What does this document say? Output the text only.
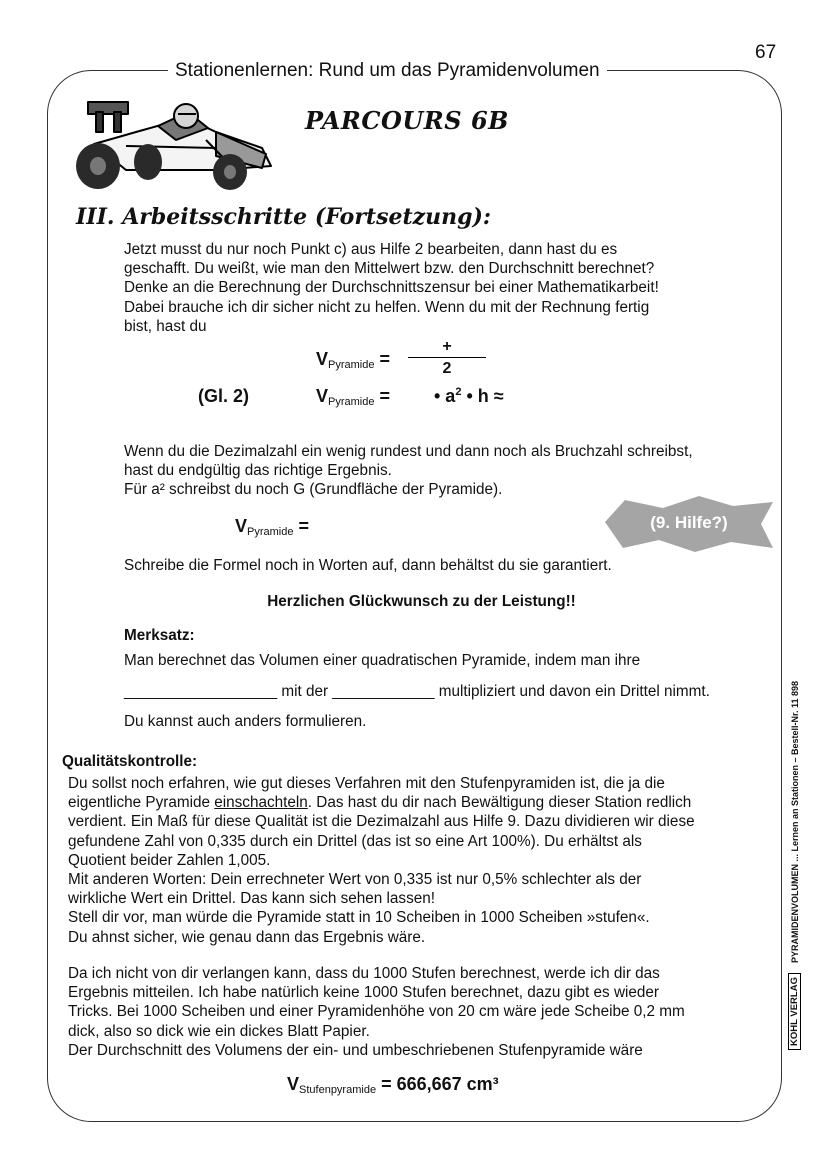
Stationenlernen: Rund um das Pyramidenvolumen
67
PARCOURS 6B
III. Arbeitsschritte (Fortsetzung):
Jetzt musst du nur noch Punkt c) aus Hilfe 2 bearbeiten, dann hast du es
geschafft. Du weißt, wie man den Mittelwert bzw. den Durchschnitt berechnet?
Denke an die Berechnung der Durchschnittszensur bei einer Mathematikarbeit!
Dabei brauche ich dir sicher nicht zu helfen. Wenn du mit der Rechnung fertig
bist, hast du
$V_{Pyramide}$ =
+
2
(Gl. 2)	$V_{Pyramide}$ = • $a^2$ • h ≈
Wenn du die Dezimalzahl ein wenig rundest und dann noch als Bruchzahl schreibst,
hast du endgültig das richtige Ergebnis.
Für a² schreibst du noch G (Grundfläche der Pyramide).
$V_{Pyramide}$ =	(9. Hilfe?)
Schreibe die Formel noch in Worten auf, dann behältst du sie garantiert.
Herzlichen Glückwunsch zu der Leistung!!
Merksatz:
Man berechnet das Volumen einer quadratischen Pyramide, indem man ihre
__________________ mit der ____________ multipliziert und davon ein Drittel nimmt.
Du kannst auch anders formulieren.
Qualitätskontrolle:
Du sollst noch erfahren, wie gut dieses Verfahren mit den Stufenpyramiden ist, die ja die
eigentliche Pyramide einschachteln. Das hast du dir nach Bewältigung dieser Station redlich
verdient. Ein Maß für diese Qualität ist die Dezimalzahl aus Hilfe 9. Dazu dividieren wir diese
gefundene Zahl von 0,335 durch ein Drittel (das ist so eine Art 100%). Du erhältst als
Quotient beider Zahlen 1,005.
Mit anderen Worten: Dein errechneter Wert von 0,335 ist nur 0,5% schlechter als der
wirkliche Wert ein Drittel. Das kann sich sehen lassen!
Stell dir vor, man würde die Pyramide statt in 10 Scheiben in 1000 Scheiben »stufen«.
Du ahnst sicher, wie genau dann das Ergebnis wäre.
Da ich nicht von dir verlangen kann, dass du 1000 Stufen berechnest, werde ich dir das
Ergebnis mitteilen. Ich habe natürlich keine 1000 Stufen berechnet, dazu gibt es wieder
Tricks. Bei 1000 Scheiben und einer Pyramidenhöhe von 20 cm wäre jede Scheibe 0,2 mm
dick, also so dick wie ein dickes Blatt Papier.
Der Durchschnitt des Volumens der ein- und umbeschriebenen Stufenpyramide wäre
$V_{Stufenpyramide} = 666,667$ cm³
KOHL VERLAG
PYRAMIDENVOLUMEN ... Lernen an Stationen – Bestell-Nr. 11 898
